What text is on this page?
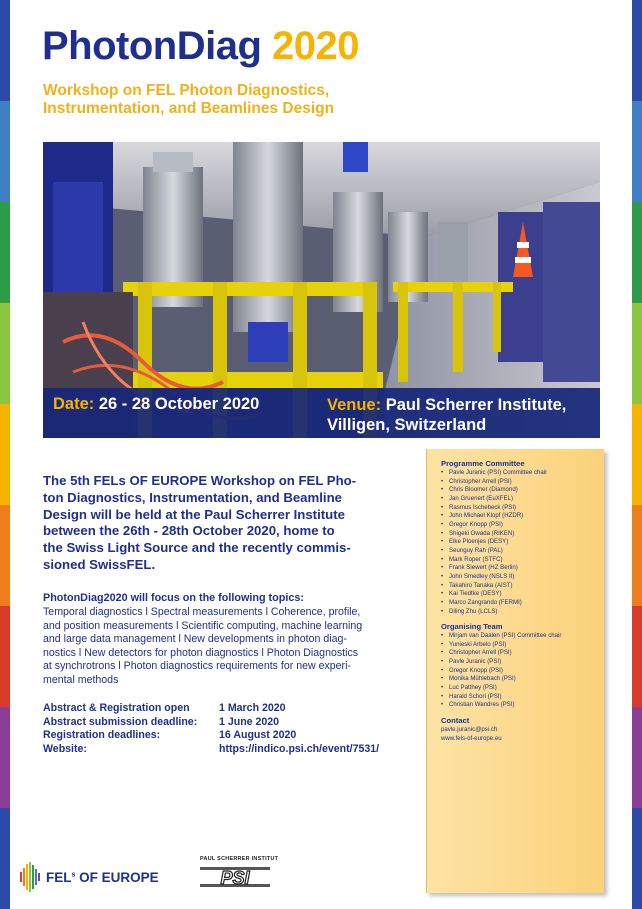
PhotonDiag 2020
Workshop on FEL Photon Diagnostics,
Instrumentation, and Beamlines Design
Date: 26 - 28 October 2020	Venue: Paul Scherrer Institute,
Villigen, Switzerland
The 5th FELs OF EUROPE Workshop on FEL Pho-
ton Diagnostics, Instrumentation, and Beamline
Design will be held at the Paul Scherrer Institute
between the 26th - 28th October 2020, home to
the Swiss Light Source and the recently commis-
sioned SwissFEL.
PhotonDiag2020 will focus on the following topics:
Temporal diagnostics l Spectral measurements l Coherence, profile,
and position measurements l Scientific computing, machine learning
and large data management l New developments in photon diag-
nostics l New detectors for photon diagnostics l Photon Diagnostics
at synchrotrons l Photon diagnostics requirements for new experi-
mental methods
Abstract & Registration open	1 March 2020
Abstract submission deadline:	1 June 2020
Registration deadlines:	16 August 2020
Website:	https://indico.psi.ch/event/7531/
Programme Committee
• Pavle Juranic (PSI) Committee chair
• Christopher Arrell (PSI)
• Chris Bloomer (Diamond)
• Jan Gruenert (EuXFEL)
• Rasmus Ischebeck (PSI)
• John Michael Klopf (HZDR)
• Gregor Knopp (PSI)
• Shigeki Owada (RIKEN)
• Elke Ploenjes (DESY)
• Seunguy Rah (PAL)
• Mark Roper (STFC)
• Frank Siewert (HZ Berlin)
• John Smedley (NSLS II)
• Takahiro Tanaka (AIST)
• Kai Tiedtke (DESY)
• Marco Zangrando (FERMI)
• Diling Zhu (LCLS)
Organising Team
• Mirjam van Daalen (PSI) Committee chair
• Yunieski Arbelo (PSI)
• Christopher Arrell (PSI)
• Pavle Juranic (PSI)
• Gregor Knopp (PSI)
• Monika Mühlebach (PSI)
• Luc Patthey (PSI)
• Harald Schori (PSI)
• Christian Wandres (PSI)
Contact
pavle.juranic@psi.ch
www.fels-of-europe.eu
FEL$^s$ OF EUROPE
PAUL SCHERRER INSTITUT
PSI
